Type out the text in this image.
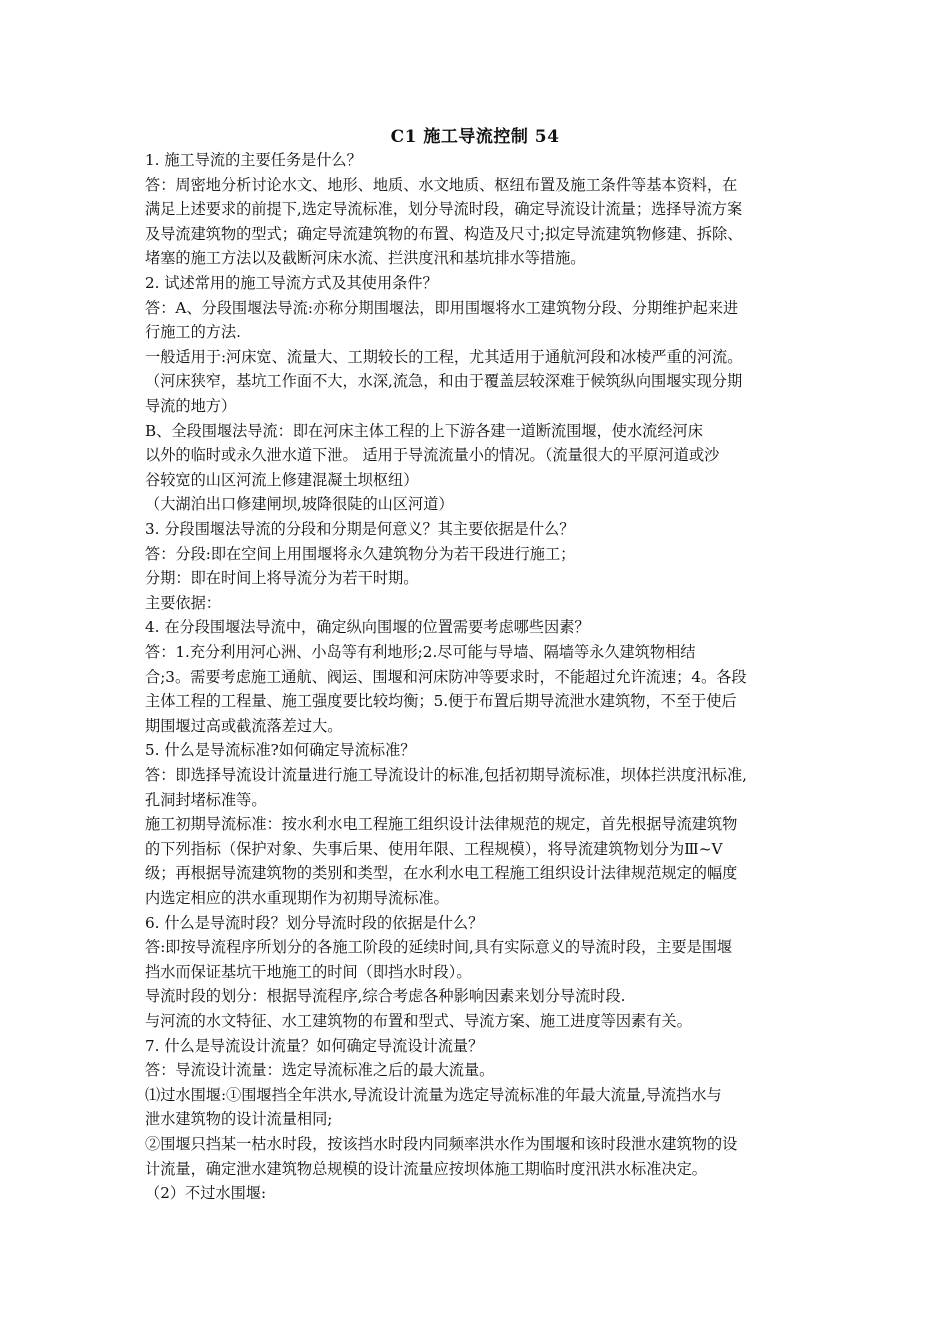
C1 施工导流控制 54
1. 施工导流的主要任务是什么？
答：周密地分析讨论水文、地形、地质、水文地质、枢纽布置及施工条件等基本资料，在
满足上述要求的前提下,选定导流标准，划分导流时段，确定导流设计流量；选择导流方案
及导流建筑物的型式；确定导流建筑物的布置、构造及尺寸;拟定导流建筑物修建、拆除、
堵塞的施工方法以及截断河床水流、拦洪度汛和基坑排水等措施。
2. 试述常用的施工导流方式及其使用条件？
答：A、分段围堰法导流:亦称分期围堰法，即用围堰将水工建筑物分段、分期维护起来进
行施工的方法.
一般适用于:河床宽、流量大、工期较长的工程，尤其适用于通航河段和冰棱严重的河流。
（河床狭窄，基坑工作面不大，水深,流急，和由于覆盖层较深难于候筑纵向围堰实现分期
导流的地方）
B、全段围堰法导流：即在河床主体工程的上下游各建一道断流围堰，使水流经河床
以外的临时或永久泄水道下泄。 适用于导流流量小的情况。（流量很大的平原河道或沙
谷较宽的山区河流上修建混凝土坝枢纽）
（大湖泊出口修建闸坝,坡降很陡的山区河道）
3. 分段围堰法导流的分段和分期是何意义？其主要依据是什么？
答：分段:即在空间上用围堰将永久建筑物分为若干段进行施工；
分期：即在时间上将导流分为若干时期。
主要依据：
4. 在分段围堰法导流中，确定纵向围堰的位置需要考虑哪些因素？
答：1.充分利用河心洲、小岛等有利地形;2.尽可能与导墙、隔墙等永久建筑物相结
合;3。需要考虑施工通航、阀运、围堰和河床防冲等要求时，不能超过允许流速；4。各段
主体工程的工程量、施工强度要比较均衡；5.便于布置后期导流泄水建筑物，不至于使后
期围堰过高或截流落差过大。
5. 什么是导流标准?如何确定导流标准？
答：即选择导流设计流量进行施工导流设计的标准,包括初期导流标准，坝体拦洪度汛标准,
孔洞封堵标准等。
施工初期导流标准：按水利水电工程施工组织设计法律规范的规定，首先根据导流建筑物
的下列指标（保护对象、失事后果、使用年限、工程规模），将导流建筑物划分为Ⅲ~Ⅴ
级；再根据导流建筑物的类别和类型，在水利水电工程施工组织设计法律规范规定的幅度
内选定相应的洪水重现期作为初期导流标准。
6. 什么是导流时段？划分导流时段的依据是什么？
答:即按导流程序所划分的各施工阶段的延续时间,具有实际意义的导流时段，主要是围堰
挡水而保证基坑干地施工的时间（即挡水时段）。
导流时段的划分：根据导流程序,综合考虑各种影响因素来划分导流时段.
与河流的水文特征、水工建筑物的布置和型式、导流方案、施工进度等因素有关。
7. 什么是导流设计流量？如何确定导流设计流量？
答：导流设计流量：选定导流标准之后的最大流量。
⑴过水围堰:①围堰挡全年洪水,导流设计流量为选定导流标准的年最大流量,导流挡水与
泄水建筑物的设计流量相同;
②围堰只挡某一枯水时段，按该挡水时段内同频率洪水作为围堰和该时段泄水建筑物的设
计流量，确定泄水建筑物总规模的设计流量应按坝体施工期临时度汛洪水标准决定。
（2）不过水围堰:
